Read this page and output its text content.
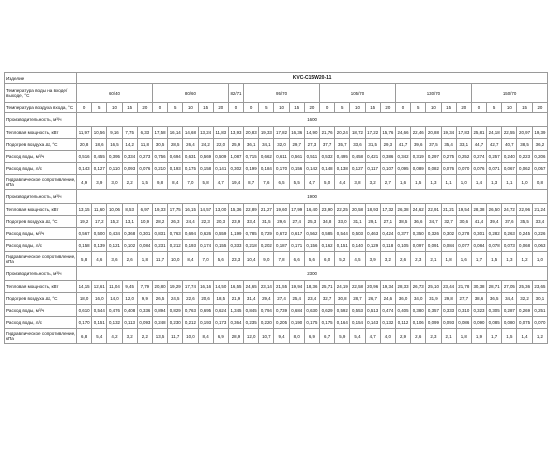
Изделие	KVC-C15W20-11																														
Температура воды на входе/выходе, °С	60/40					80/60					82/71	95/70					105/70					130/70					150/70				
Температура воздуха входа, °С	0	5	10	15	20	0	5	10	15	20	0	0	5	10	15	20	0	5	10	15	20	0	5	10	15	20	0	5	10	15	20
Производительность, м³/ч	1600																														
Тепловая мощность, кВт	11,97	10,56	9,16	7,75	6,33	17,58	16,14	14,68	13,24	11,83	13,93	20,83	19,33	17,82	16,36	14,90	21,76	20,24	18,72	17,22	15,76	24,66	22,46	20,88	19,34	17,83	25,81	24,18	22,55	20,97	19,39
Подогрев воздуха Δt, °С	20,8	18,6	16,5	14,2	11,8	30,5	28,5	26,4	24,2	22,0	25,9	36,1	34,1	32,0	29,7	27,3	37,7	35,7	33,6	31,5	29,3	41,7	39,6	37,5	35,4	33,1	44,7	42,7	40,7	38,5	36,2
Расход воды, м³/ч	0,516	0,455	0,395	0,334	0,273	0,756	0,694	0,631	0,569	0,509	1,087	0,715	0,662	0,611	0,561	0,511	0,532	0,495	0,458	0,421	0,386	0,342	0,319	0,297	0,275	0,252	0,274	0,257	0,240	0,223	0,206
Расход воды, л/с	0,143	0,127	0,110	0,093	0,076	0,210	0,193	0,175	0,158	0,141	0,302	0,199	0,184	0,170	0,156	0,142	0,148	0,138	0,127	0,117	0,107	0,095	0,089	0,082	0,076	0,070	0,076	0,071	0,067	0,062	0,057
Гидравлическое сопротивление, кПа	4,9	3,9	3,0	2,2	1,5	9,8	8,4	7,0	5,8	4,7	19,4	8,7	7,6	6,5	5,5	4,7	5,0	4,4	3,8	3,2	2,7	1,6	1,5	1,3	1,1	1,0	1,4	1,3	1,1	1,0	0,8
Производительность, м³/ч	1900																														
Тепловая мощность, кВт	13,15	11,60	10,06	8,53	6,97	19,33	17,75	16,15	14,57	13,00	15,36	22,89	21,27	19,60	17,99	16,40	23,90	22,25	20,58	18,93	17,32	26,38	24,62	22,91	21,21	19,54	28,38	26,50	24,72	22,96	21,24
Подогрев воздуха Δt, °С	19,2	17,2	15,2	13,1	10,9	28,2	26,3	24,4	22,3	20,3	23,9	33,4	31,5	29,6	27,4	25,3	34,8	33,0	31,1	29,1	27,1	38,5	36,6	34,7	32,7	30,6	41,4	39,4	37,6	35,5	33,4
Расход воды, м³/ч	0,567	0,500	0,434	0,368	0,301	0,831	0,763	0,694	0,626	0,559	1,199	0,785	0,729	0,672	0,617	0,562	0,585	0,544	0,503	0,463	0,424	0,377	0,350	0,326	0,302	0,278	0,301	0,282	0,263	0,245	0,226
Расход воды, л/с	0,158	0,139	0,121	0,102	0,084	0,231	0,212	0,193	0,174	0,155	0,333	0,218	0,202	0,187	0,171	0,156	0,162	0,151	0,140	0,129	0,118	0,105	0,097	0,091	0,084	0,077	0,084	0,078	0,073	0,068	0,063
Гидравлическое сопротивление, кПа	5,8	4,6	3,6	2,6	1,8	11,7	10,0	8,4	7,0	5,6	23,3	10,4	9,0	7,8	6,6	5,6	6,0	5,2	4,5	3,9	3,2	2,6	2,3	2,1	1,8	1,6	1,7	1,5	1,3	1,2	1,0
Производительность, м³/ч	2300																														
Тепловая мощность, кВт	14,15	12,61	11,04	9,45	7,79	20,80	19,29	17,74	16,16	14,50	16,55	24,65	23,14	21,55	19,94	18,36	25,71	24,19	22,58	20,96	19,34	28,33	26,73	25,10	23,44	21,78	30,38	28,71	27,05	25,36	23,65
Подогрев воздуха Δt, °С	18,0	16,0	14,0	12,0	9,9	26,5	24,5	22,6	20,6	18,5	21,9	31,4	29,4	27,4	25,4	23,4	32,7	30,8	28,7	26,7	24,6	36,0	34,0	31,9	29,8	27,7	38,6	36,5	34,4	32,2	30,1
Расход воды, м³/ч	0,610	0,544	0,476	0,408	0,336	0,894	0,829	0,763	0,695	0,624	1,345	0,845	0,794	0,739	0,684	0,630	0,629	0,592	0,553	0,513	0,474	0,405	0,380	0,357	0,333	0,310	0,323	0,305	0,287	0,269	0,251
Расход воды, л/с	0,170	0,151	0,132	0,113	0,093	0,248	0,230	0,212	0,193	0,173	0,364	0,235	0,220	0,205	0,190	0,175	0,175	0,164	0,154	0,143	0,132	0,112	0,106	0,099	0,093	0,086	0,090	0,085	0,080	0,075	0,070
Гидравлическое сопротивление, кПа	6,8	5,4	4,2	3,2	2,2	13,5	11,7	10,0	8,4	6,9	28,9	12,0	10,7	9,4	8,0	6,9	6,7	5,9	5,4	4,7	4,0	2,9	2,6	2,3	2,1	1,8	1,9	1,7	1,5	1,4	1,2
